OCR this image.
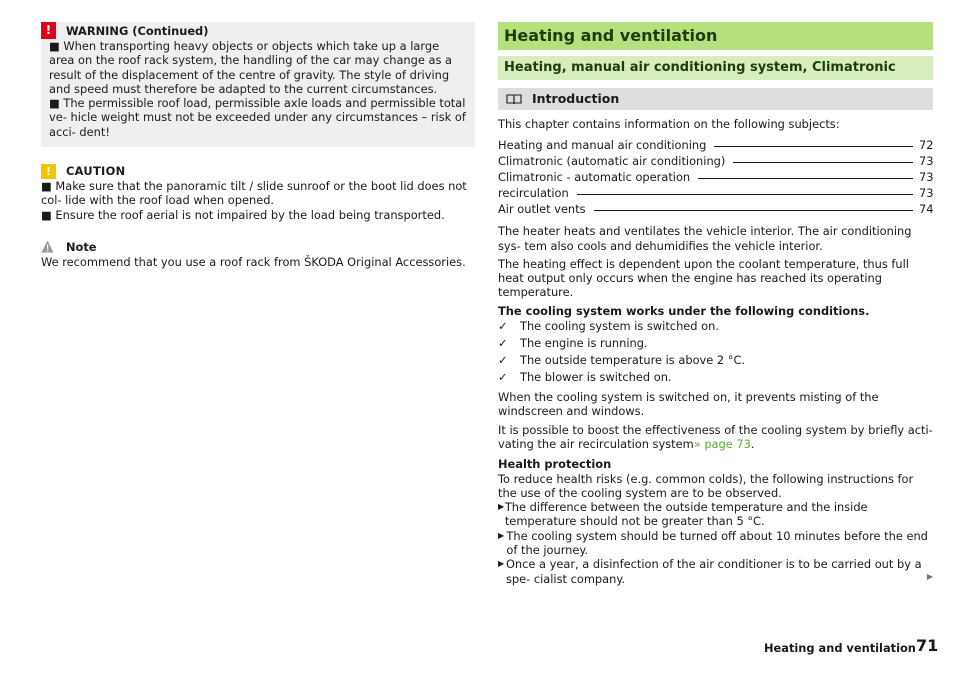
!	WARNING (Continued)

■ When transporting heavy objects or objects which take up a large area on the roof rack system, the handling of the car may change as a result of the displacement of the centre of gravity. The style of driving and speed must therefore be adapted to the current circumstances.

■ The permissible roof load, permissible axle loads and permissible total ve- hicle weight must not be exceeded under any circumstances – risk of acci- dent!

!	CAUTION

■ Make sure that the panoramic tilt / slide sunroof or the boot lid does not col- lide with the roof load when opened.

■ Ensure the roof aerial is not impaired by the load being transported.

Note

We recommend that you use a roof rack from ŠKODA Original Accessories.

Heating and ventilation
Heating, manual air conditioning system, Climatronic
Introduction

This chapter contains information on the following subjects:

Heating and manual air conditioning	72
Climatronic (automatic air conditioning)	73
Climatronic - automatic operation	73
recirculation	73
Air outlet vents	74

The heater heats and ventilates the vehicle interior. The air conditioning sys- tem also cools and dehumidifies the vehicle interior.

The heating effect is dependent upon the coolant temperature, thus full heat output only occurs when the engine has reached its operating temperature.

The cooling system works under the following conditions.

✓	The cooling system is switched on.
✓	The engine is running.
✓	The outside temperature is above 2 °C.
✓	The blower is switched on.

When the cooling system is switched on, it prevents misting of the windscreen and windows.

It is possible to boost the effectiveness of the cooling system by briefly acti- vating the air recirculation system» page 73.

Health protection

To reduce health risks (e.g. common colds), the following instructions for the use of the cooling system are to be observed.

▶ The difference between the outside temperature and the inside temperature should not be greater than 5 °C.
▶ The cooling system should be turned off about 10 minutes before the end of the journey.
▶ Once a year, a disinfection of the air conditioner is to be carried out by a spe- cialist company.	▶
Heating and ventilation 71
